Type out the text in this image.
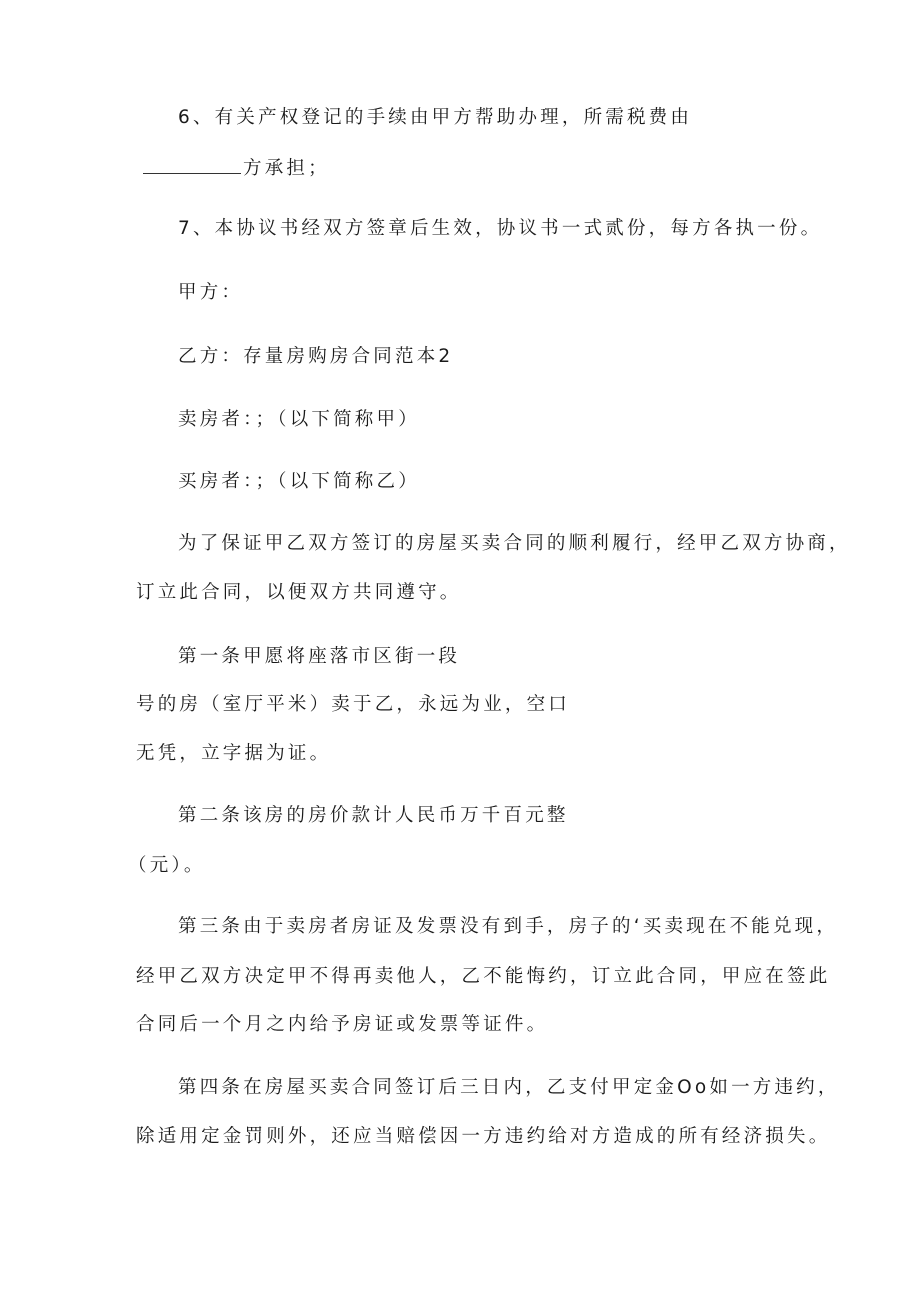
6、有关产权登记的手续由甲方帮助办理，所需税费由
方承担；
7、本协议书经双方签章后生效，协议书一式贰份，每方各执一份。
甲方：
乙方：存量房购房合同范本2
卖房者：；（以下简称甲）
买房者：；（以下简称乙）
为了保证甲乙双方签订的房屋买卖合同的顺利履行，经甲乙双方协商，
订立此合同，以便双方共同遵守。
第一条甲愿将座落市区街一段
号的房（室厅平米）卖于乙，永远为业，空口
无凭，立字据为证。
第二条该房的房价款计人民币万千百元整
（元）。
第三条由于卖房者房证及发票没有到手，房子的‘买卖现在不能兑现，
经甲乙双方决定甲不得再卖他人，乙不能悔约，订立此合同，甲应在签此
合同后一个月之内给予房证或发票等证件。
第四条在房屋买卖合同签订后三日内，乙支付甲定金Oo如一方违约，
除适用定金罚则外，还应当赔偿因一方违约给对方造成的所有经济损失。
